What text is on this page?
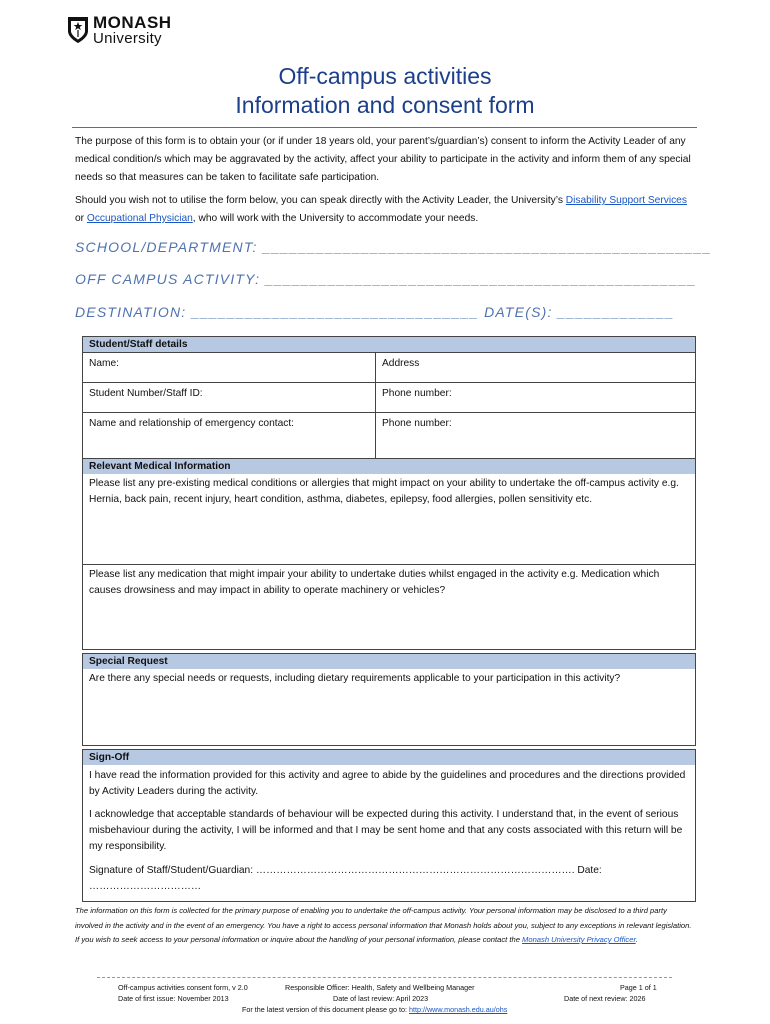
MONASH
University
Off-campus activities
Information and consent form

The purpose of this form is to obtain your (or if under 18 years old, your parent’s/guardian’s) consent to inform the Activity Leader of any medical condition/s which may be aggravated by the activity, affect your ability to participate in the activity and inform them of any special needs so that measures can be taken to facilitate safe participation.

Should you wish not to utilise the form below, you can speak directly with the Activity Leader, the University’s Disability Support Services or Occupational Physician, who will work with the University to accommodate your needs.

SCHOOL/DEPARTMENT: __________________________________________________
OFF CAMPUS ACTIVITY: ________________________________________________
DESTINATION: ________________________________ DATE(S): _____________
Student/Staff details
Name:	Address
Student Number/Staff ID:	Phone number:
Name and relationship of emergency contact:	Phone number:
Relevant Medical Information
Please list any pre-existing medical conditions or allergies that might impact on your ability to undertake the off-campus activity e.g. Hernia, back pain, recent injury, heart condition, asthma, diabetes, epilepsy, food allergies, pollen sensitivity etc.
Please list any medication that might impair your ability to undertake duties whilst engaged in the activity e.g. Medication which causes drowsiness and may impact in ability to operate machinery or vehicles?
Special Request
Are there any special needs or requests, including dietary requirements applicable to your participation in this activity?
Sign-Off
I have read the information provided for this activity and agree to abide by the guidelines and procedures and the directions provided by Activity Leaders during the activity.
I acknowledge that acceptable standards of behaviour will be expected during this activity. I understand that, in the event of serious misbehaviour during the activity, I will be informed and that I may be sent home and that any costs associated with this return will be my responsibility.
Signature of Staff/Student/Guardian: …………………………………………………………………………………. Date: ……………………………
The information on this form is collected for the primary purpose of enabling you to undertake the off-campus activity. Your personal information may be disclosed to a third party involved in the activity and in the event of an emergency. You have a right to access personal information that Monash holds about you, subject to any exceptions in relevant legislation. If you wish to seek access to your personal information or inquire about the handling of your personal information, please contact the Monash University Privacy Officer.
Off-campus activities consent form, v 2.0
Date of first issue: November 2013
Responsible Officer: Health, Safety and Wellbeing Manager
Date of last review: April 2023
Page 1 of 1
Date of next review: 2026
For the latest version of this document please go to: http://www.monash.edu.au/ohs
